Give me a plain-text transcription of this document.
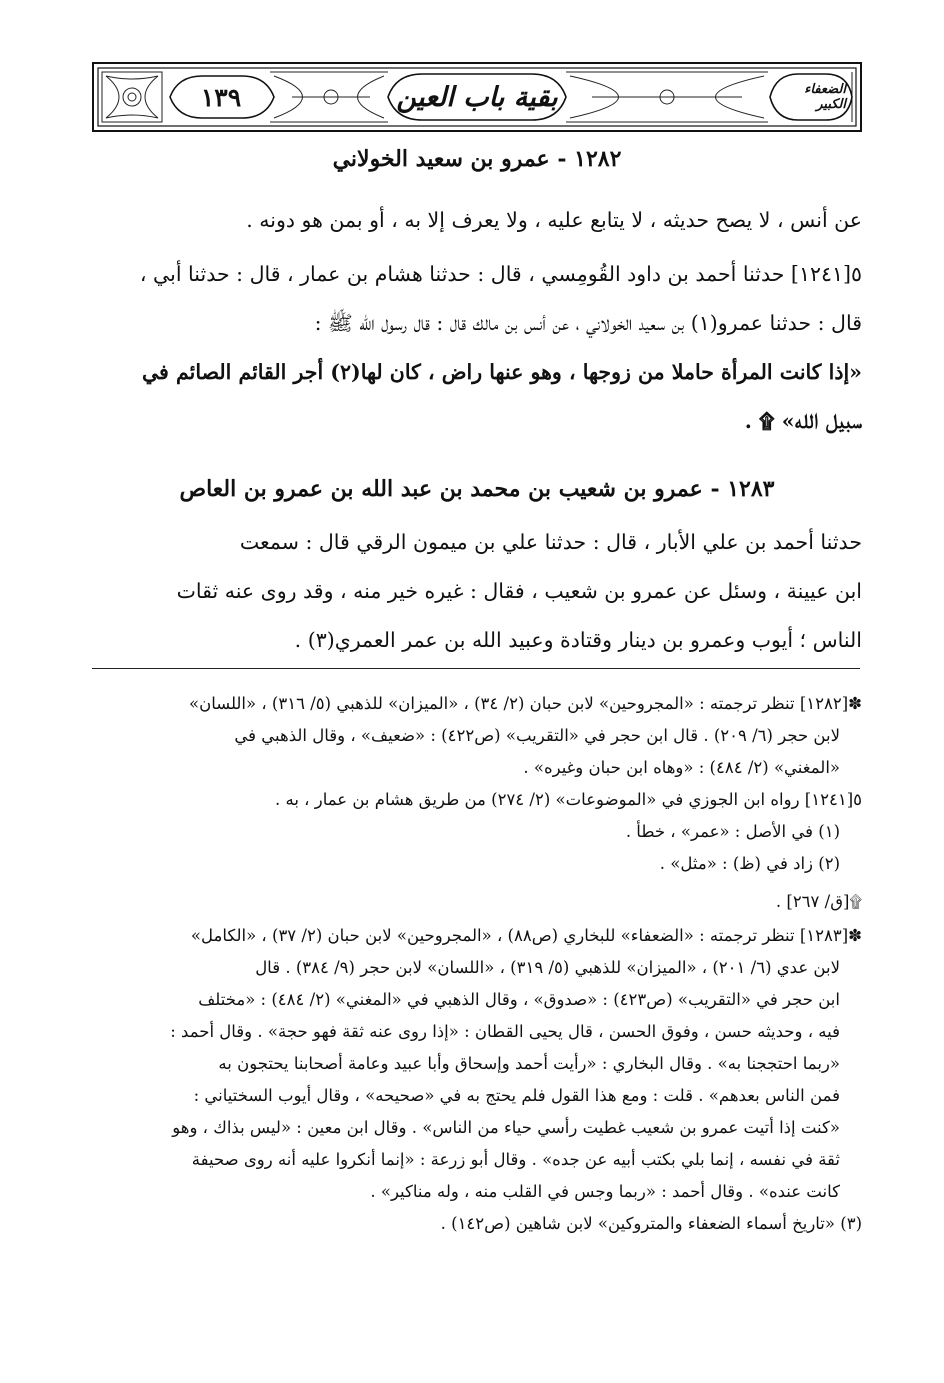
الضعفاء الكبير
بقية باب العين
١٣٩
١٢٨٢ - عمرو بن سعيد الخولاني
عن أنس ، لا يصح حديثه ، لا يتابع عليه ، ولا يعرف إلا به ، أو بمن هو دونه .
٥[١٢٤١] حدثنا أحمد بن داود القُومِسي ، قال : حدثنا هشام بن عمار ، قال : حدثنا أبي ،
قال : حدثنا عمرو(١) بن سعيد الخولاني ، عن أنس بن مالك قال : قال رسول الله ﷺ :
«إذا كانت المرأة حاملا من زوجها ، وهو عنها راض ، كان لها(٢) أجر القائم الصائم في
سبيل الله» ۩ .
١٢٨٣ - عمرو بن شعيب بن محمد بن عبد الله بن عمرو بن العاص
حدثنا أحمد بن علي الأبار ، قال : حدثنا علي بن ميمون الرقي قال : سمعت
ابن عيينة ، وسئل عن عمرو بن شعيب ، فقال : غيره خير منه ، وقد روى عنه ثقات
الناس ؛ أيوب وعمرو بن دينار وقتادة وعبيد الله بن عمر العمري(٣) .
✽[١٢٨٢] تنظر ترجمته : «المجروحين» لابن حبان (٢/ ٣٤) ، «الميزان» للذهبي (٥/ ٣١٦) ، «اللسان»
لابن حجر (٦/ ٢٠٩) . قال ابن حجر في «التقريب» (ص٤٢٢) : «ضعيف» ، وقال الذهبي في
«المغني» (٢/ ٤٨٤) : «وهاه ابن حبان وغيره» .
٥[١٢٤١] رواه ابن الجوزي في «الموضوعات» (٢/ ٢٧٤) من طريق هشام بن عمار ، به .
(١) في الأصل : «عمر» ، خطأ .
(٢) زاد في (ظ) : «مثل» .
۩[ق/ ٢٦٧] .
✽[١٢٨٣] تنظر ترجمته : «الضعفاء» للبخاري (ص٨٨) ، «المجروحين» لابن حبان (٢/ ٣٧) ، «الكامل»
لابن عدي (٦/ ٢٠١) ، «الميزان» للذهبي (٥/ ٣١٩) ، «اللسان» لابن حجر (٩/ ٣٨٤) . قال
ابن حجر في «التقريب» (ص٤٢٣) : «صدوق» ، وقال الذهبي في «المغني» (٢/ ٤٨٤) : «مختلف
فيه ، وحديثه حسن ، وفوق الحسن ، قال يحيى القطان : «إذا روى عنه ثقة فهو حجة» . وقال أحمد :
«ربما احتججنا به» . وقال البخاري : «رأيت أحمد وإسحاق وأبا عبيد وعامة أصحابنا يحتجون به
فمن الناس بعدهم» . قلت : ومع هذا القول فلم يحتج به في «صحيحه» ، وقال أيوب السختياني :
«كنت إذا أتيت عمرو بن شعيب غطيت رأسي حياء من الناس» . وقال ابن معين : «ليس بذاك ، وهو
ثقة في نفسه ، إنما بلي بكتب أبيه عن جده» . وقال أبو زرعة : «إنما أنكروا عليه أنه روى صحيفة
كانت عنده» . وقال أحمد : «ربما وجس في القلب منه ، وله مناكير» .
(٣) «تاريخ أسماء الضعفاء والمتروكين» لابن شاهين (ص١٤٢) .
